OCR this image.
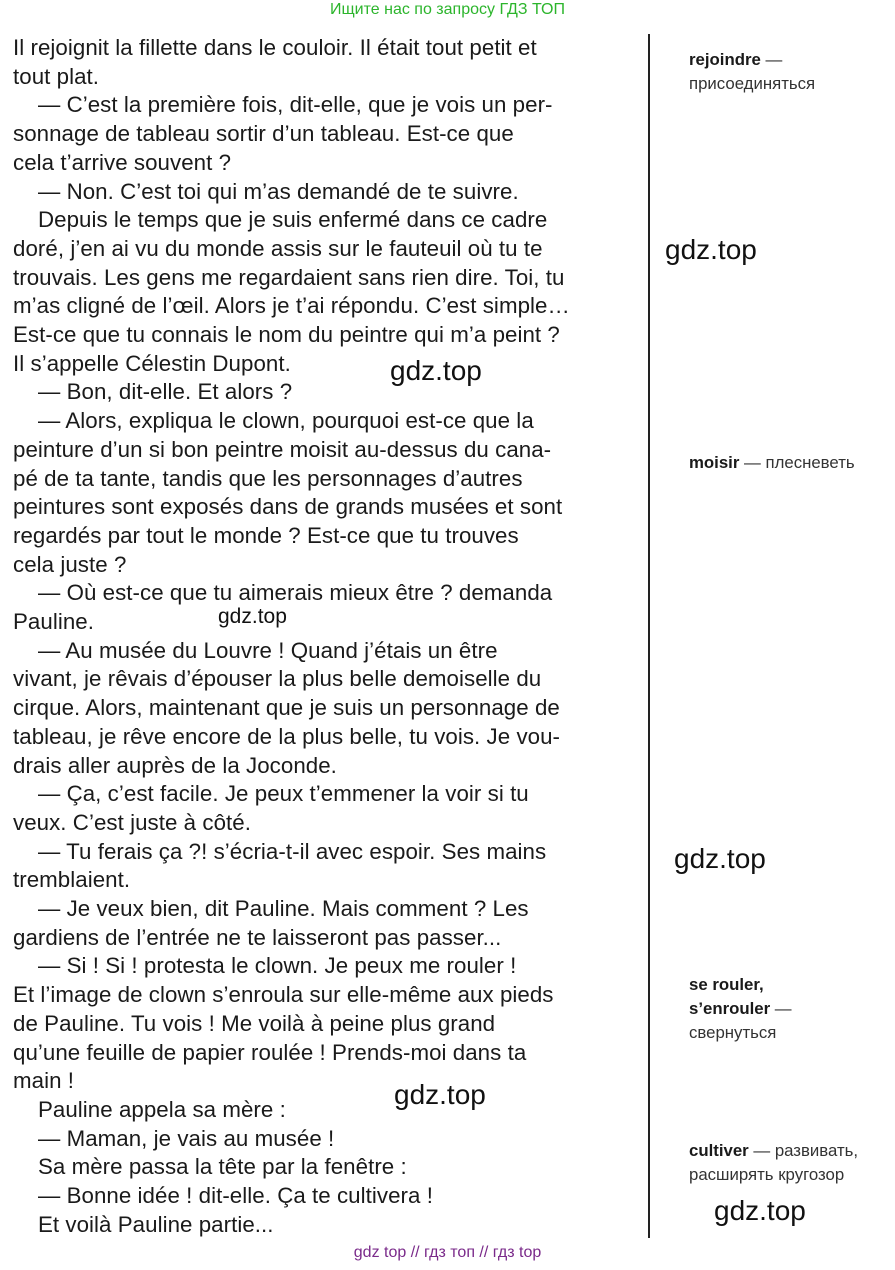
Ищите нас по запросу ГДЗ ТОП
Il rejoignit la fillette dans le couloir. Il était tout petit et
tout plat.
— C’est la première fois, dit-elle, que je vois un per-
sonnage de tableau sortir d’un tableau. Est-ce que
cela t’arrive souvent ?
— Non. C’est toi qui m’as demandé de te suivre.
Depuis le temps que je suis enfermé dans ce cadre
doré, j’en ai vu du monde assis sur le fauteuil où tu te
trouvais. Les gens me regardaient sans rien dire. Toi, tu
m’as cligné de l’œil. Alors je t’ai répondu. C’est simple…
Est-ce que tu connais le nom du peintre qui m’a peint ?
Il s’appelle Célestin Dupont.
— Bon, dit-elle. Et alors ?
— Alors, expliqua le clown, pourquoi est-ce que la
peinture d’un si bon peintre moisit au-dessus du cana-
pé de ta tante, tandis que les personnages d’autres
peintures sont exposés dans de grands musées et sont
regardés par tout le monde ? Est-ce que tu trouves
cela juste ?
— Où est-ce que tu aimerais mieux être ? demanda
Pauline.
— Au musée du Louvre ! Quand j’étais un être
vivant, je rêvais d’épouser la plus belle demoiselle du
cirque. Alors, maintenant que je suis un personnage de
tableau, je rêve encore de la plus belle, tu vois. Je vou-
drais aller auprès de la Joconde.
— Ça, c’est facile. Je peux t’emmener la voir si tu
veux. C’est juste à côté.
— Tu ferais ça ?! s’écria-t-il avec espoir. Ses mains
tremblaient.
— Je veux bien, dit Pauline. Mais comment ? Les
gardiens de l’entrée ne te laisseront pas passer...
— Si ! Si ! protesta le clown. Je peux me rouler !
Et l’image de clown s’enroula sur elle-même aux pieds
de Pauline. Tu vois ! Me voilà à peine plus grand
qu’une feuille de papier roulée ! Prends-moi dans ta
main !
Pauline appela sa mère :
— Maman, je vais au musée !
Sa mère passa la tête par la fenêtre :
— Bonne idée ! dit-elle. Ça te cultivera !
Et voilà Pauline partie...
rejoindre —
присоединяться
moisir — плесневеть
se rouler,
s’enrouler —
свернуться
cultiver — развивать,
расширять кругозор
gdz.top
gdz.top
gdz.top
gdz.top
gdz.top
gdz.top
gdz top // гдз топ // гдз top
